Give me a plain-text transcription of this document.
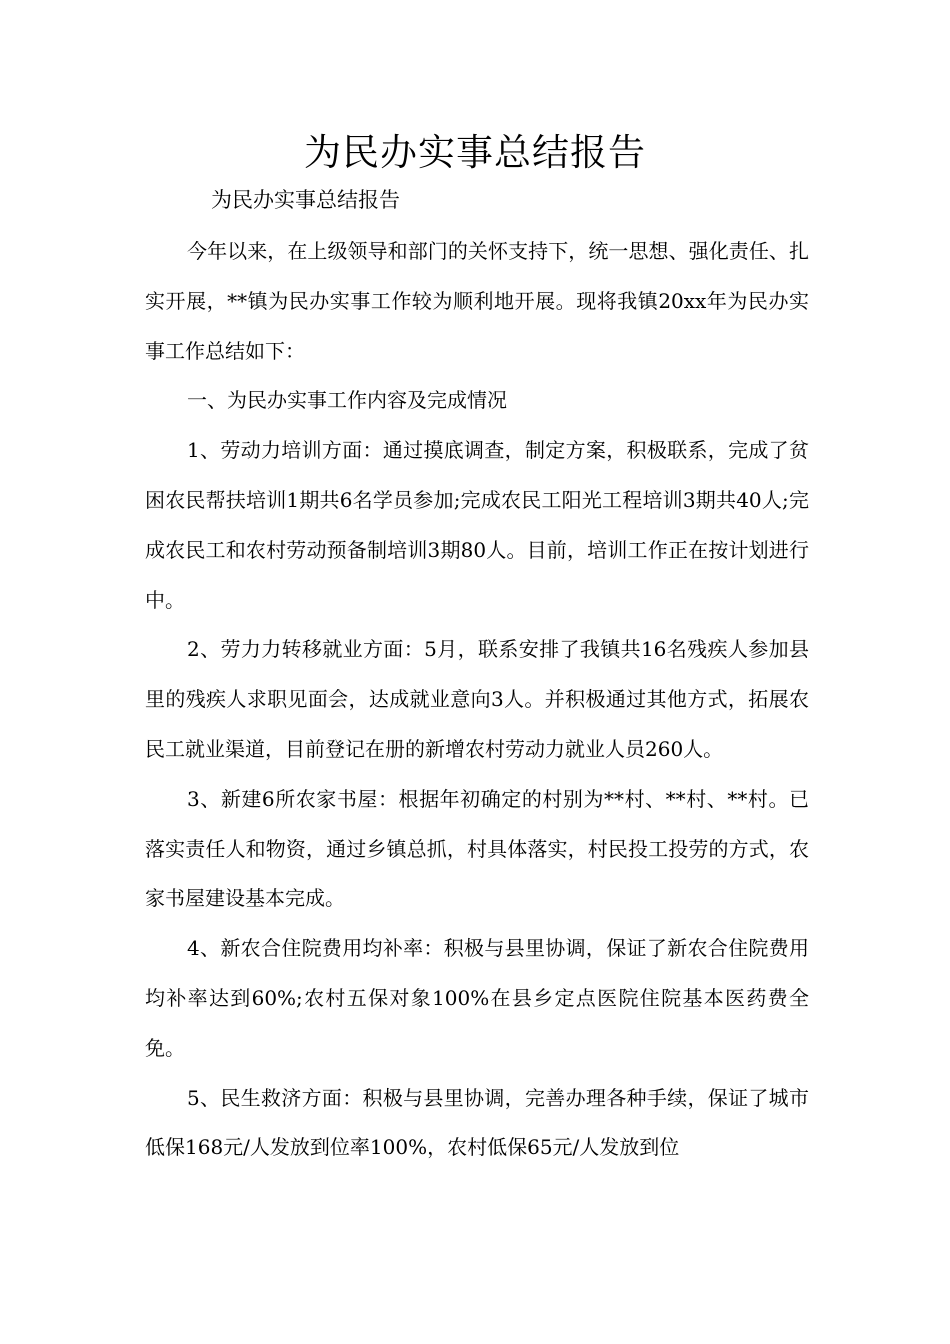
为民办实事总结报告
为民办实事总结报告

今年以来，在上级领导和部门的关怀支持下，统一思想、强化责任、扎实开展，**镇为民办实事工作较为顺利地开展。现将我镇20xx年为民办实事工作总结如下：

一、为民办实事工作内容及完成情况

1、劳动力培训方面：通过摸底调查，制定方案，积极联系，完成了贫困农民帮扶培训1期共6名学员参加;完成农民工阳光工程培训3期共40人;完成农民工和农村劳动预备制培训3期80人。目前，培训工作正在按计划进行中。

2、劳力力转移就业方面：5月，联系安排了我镇共16名残疾人参加县里的残疾人求职见面会，达成就业意向3人。并积极通过其他方式，拓展农民工就业渠道，目前登记在册的新增农村劳动力就业人员260人。

3、新建6所农家书屋：根据年初确定的村别为**村、**村、**村。已落实责任人和物资，通过乡镇总抓，村具体落实，村民投工投劳的方式，农家书屋建设基本完成。

4、新农合住院费用均补率：积极与县里协调，保证了新农合住院费用均补率达到60%;农村五保对象100%在县乡定点医院住院基本医药费全免。

5、民生救济方面：积极与县里协调，完善办理各种手续，保证了城市低保168元/人发放到位率100%，农村低保65元/人发放到位
